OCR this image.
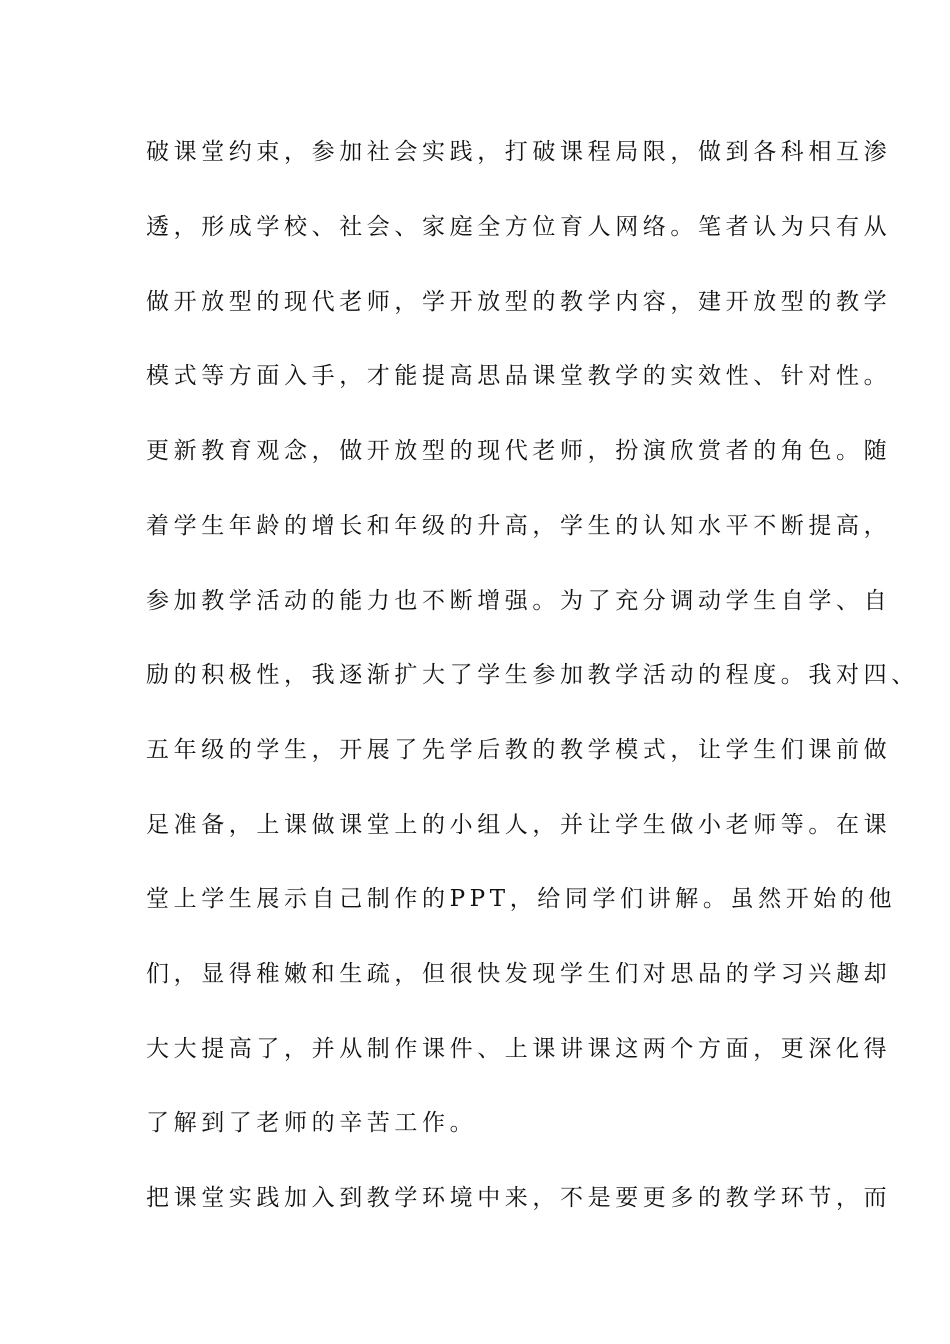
破课堂约束，参加社会实践，打破课程局限，做到各科相互渗
透，形成学校、社会、家庭全方位育人网络。笔者认为只有从
做开放型的现代老师，学开放型的教学内容，建开放型的教学
模式等方面入手，才能提高思品课堂教学的实效性、针对性。
更新教育观念，做开放型的现代老师，扮演欣赏者的角色。随
着学生年龄的增长和年级的升高，学生的认知水平不断提高，
参加教学活动的能力也不断增强。为了充分调动学生自学、自
励的积极性，我逐渐扩大了学生参加教学活动的程度。我对四、
五年级的学生，开展了先学后教的教学模式，让学生们课前做
足准备，上课做课堂上的小组人，并让学生做小老师等。在课
堂上学生展示自己制作的PPT，给同学们讲解。虽然开始的他
们，显得稚嫩和生疏，但很快发现学生们对思品的学习兴趣却
大大提高了，并从制作课件、上课讲课这两个方面，更深化得
了解到了老师的辛苦工作。
把课堂实践加入到教学环境中来，不是要更多的教学环节，而
